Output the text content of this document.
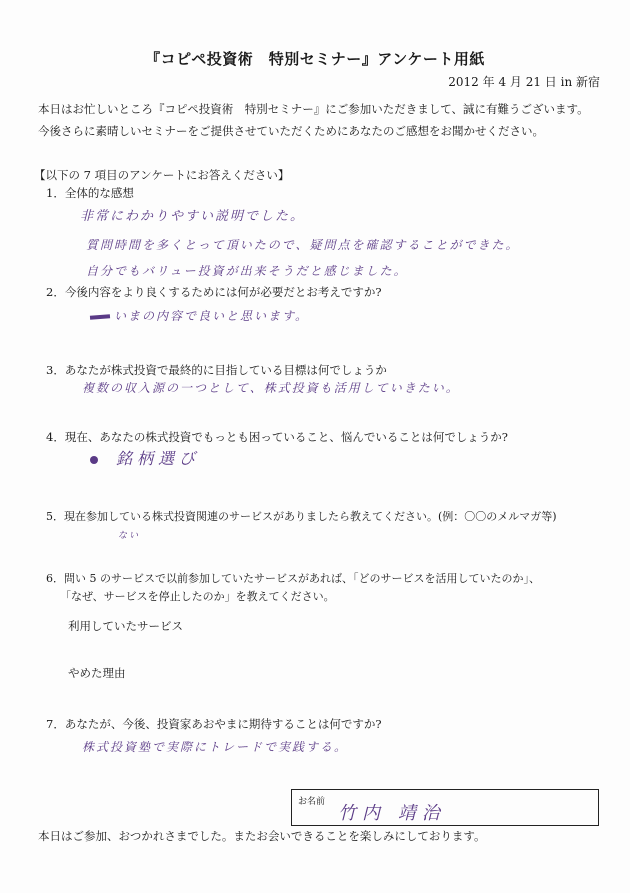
『コピペ投資術　特別セミナー』アンケート用紙
2012 年 4 月 21 日 in 新宿
本日はお忙しいところ『コピペ投資術　特別セミナー』にご参加いただきまして、誠に有難うございます。
今後さらに素晴しいセミナーをご提供させていただくためにあなたのご感想をお聞かせください。
【以下の 7 項目のアンケートにお答えください】
1．全体的な感想
非常にわかりやすい説明でした。
質問時間を多くとって頂いたので、疑問点を確認することができた。
自分でもバリュー投資が出来そうだと感じました。
2．今後内容をより良くするためには何が必要だとお考えですか?
いまの内容で良いと思います。
3．あなたが株式投資で最終的に目指している目標は何でしょうか
複数の収入源の一つとして、株式投資も活用していきたい。
4．現在、あなたの株式投資でもっとも困っていること、悩んでいることは何でしょうか?
銘柄選び
5．現在参加している株式投資関連のサービスがありましたら教えてください。(例：〇〇のメルマガ等)
ない
6．問い 5 のサービスで以前参加していたサービスがあれば、「どのサービスを活用していたのか」、
「なぜ、サービスを停止したのか」を教えてください。
利用していたサービス
やめた理由
7．あなたが、今後、投資家あおやまに期待することは何ですか?
株式投資塾で実際にトレードで実践する。
お名前
竹内 靖治
本日はご参加、おつかれさまでした。またお会いできることを楽しみにしております。
